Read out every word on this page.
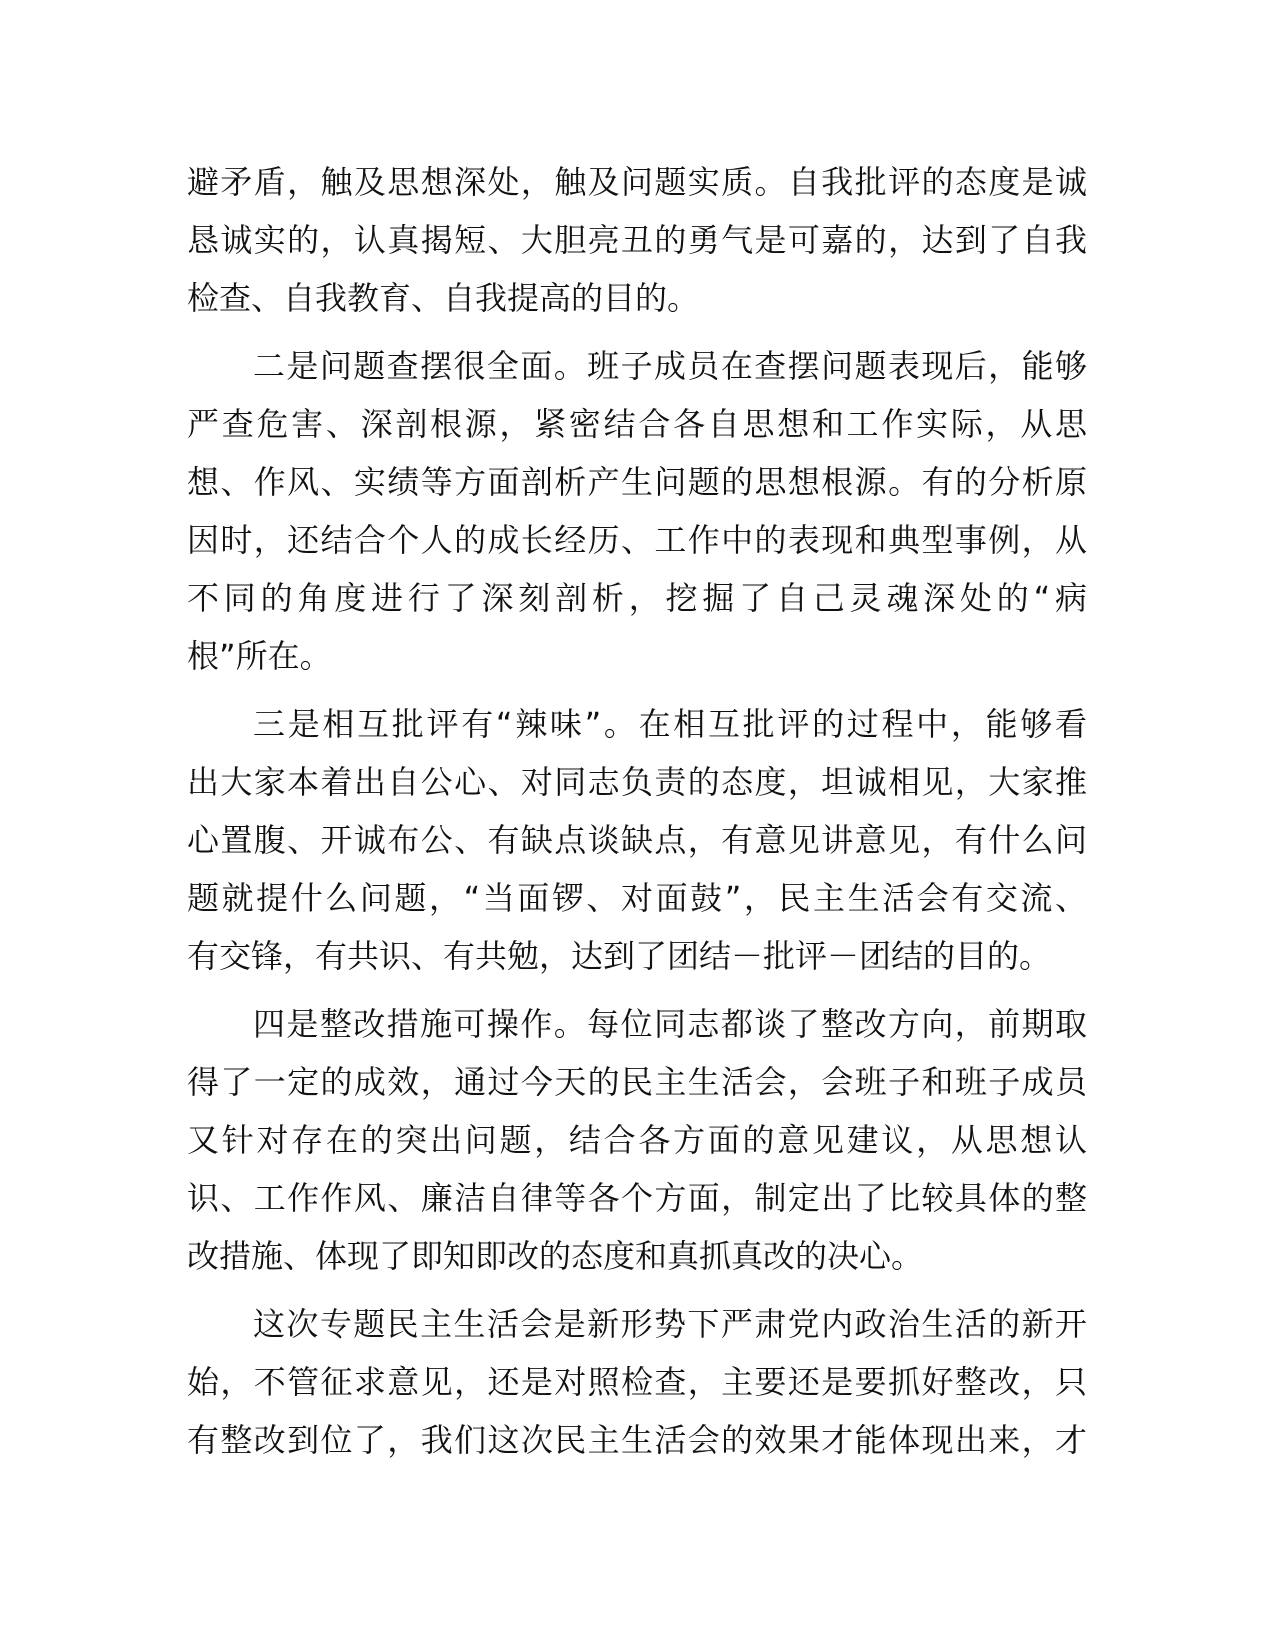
避矛盾，触及思想深处，触及问题实质。自我批评的态度是诚
恳诚实的，认真揭短、大胆亮丑的勇气是可嘉的，达到了自我
检查、自我教育、自我提高的目的。
二是问题查摆很全面。班子成员在查摆问题表现后，能够
严查危害、深剖根源，紧密结合各自思想和工作实际，从思
想、作风、实绩等方面剖析产生问题的思想根源。有的分析原
因时，还结合个人的成长经历、工作中的表现和典型事例，从
不同的角度进行了深刻剖析，挖掘了自己灵魂深处的“病
根”所在。
三是相互批评有“辣味”。在相互批评的过程中，能够看
出大家本着出自公心、对同志负责的态度，坦诚相见，大家推
心置腹、开诚布公、有缺点谈缺点，有意见讲意见，有什么问
题就提什么问题，“当面锣、对面鼓”，民主生活会有交流、
有交锋，有共识、有共勉，达到了团结－批评－团结的目的。
四是整改措施可操作。每位同志都谈了整改方向，前期取
得了一定的成效，通过今天的民主生活会，会班子和班子成员
又针对存在的突出问题，结合各方面的意见建议，从思想认
识、工作作风、廉洁自律等各个方面，制定出了比较具体的整
改措施、体现了即知即改的态度和真抓真改的决心。
这次专题民主生活会是新形势下严肃党内政治生活的新开
始，不管征求意见，还是对照检查，主要还是要抓好整改，只
有整改到位了，我们这次民主生活会的效果才能体现出来，才
